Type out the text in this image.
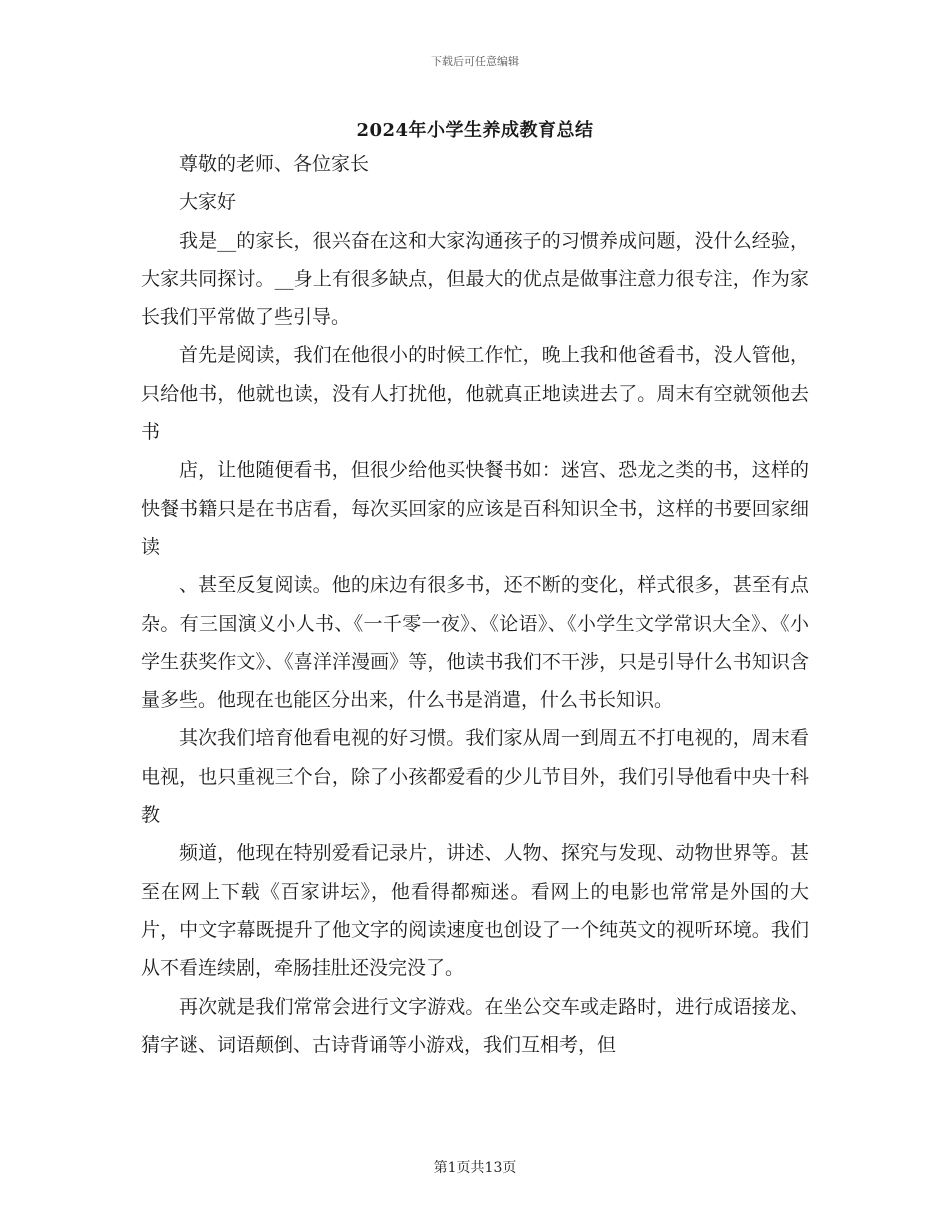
下载后可任意编辑
2024年小学生养成教育总结

尊敬的老师、各位家长

大家好

我是__的家长，很兴奋在这和大家沟通孩子的习惯养成问题，没什么经验，大家共同探讨。__身上有很多缺点，但最大的优点是做事注意力很专注，作为家长我们平常做了些引导。

首先是阅读，我们在他很小的时候工作忙，晚上我和他爸看书，没人管他，只给他书，他就也读，没有人打扰他，他就真正地读进去了。周末有空就领他去书

店，让他随便看书，但很少给他买快餐书如：迷宫、恐龙之类的书，这样的快餐书籍只是在书店看，每次买回家的应该是百科知识全书，这样的书要回家细读

、甚至反复阅读。他的床边有很多书，还不断的变化，样式很多，甚至有点杂。有三国演义小人书、《一千零一夜》、《论语》、《小学生文学常识大全》、《小学生获奖作文》、《喜洋洋漫画》等，他读书我们不干涉，只是引导什么书知识含量多些。他现在也能区分出来，什么书是消遣，什么书长知识。

其次我们培育他看电视的好习惯。我们家从周一到周五不打电视的，周末看电视，也只重视三个台，除了小孩都爱看的少儿节目外，我们引导他看中央十科教

频道，他现在特别爱看记录片，讲述、人物、探究与发现、动物世界等。甚至在网上下载《百家讲坛》，他看得都痴迷。看网上的电影也常常是外国的大片，中文字幕既提升了他文字的阅读速度也创设了一个纯英文的视听环境。我们从不看连续剧，牵肠挂肚还没完没了。

再次就是我们常常会进行文字游戏。在坐公交车或走路时，进行成语接龙、猜字谜、词语颠倒、古诗背诵等小游戏，我们互相考，但

第1页共13页
